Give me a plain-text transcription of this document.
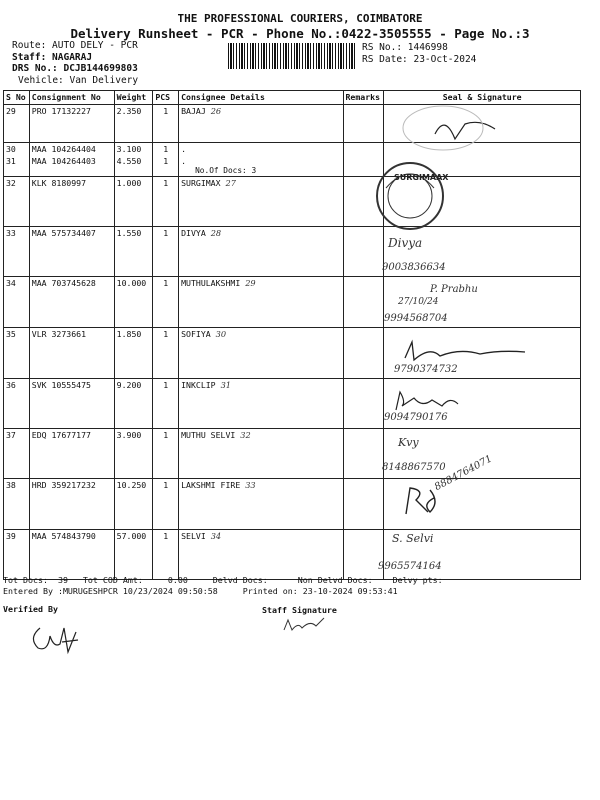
THE PROFESSIONAL COURIERS, COIMBATORE
Delivery Runsheet - PCR - Phone No.:0422-3505555 - Page No.:3
Route: AUTO DELY - PCR
Staff: NAGARAJ
DRS No.: DCJB144699803
Vehicle: Van Delivery
RS No.: 1446998
RS Date: 23-Oct-2024
S No	Consignment No	Weight	PCS	Consignee Details	Remarks	Seal & Signature
29	PRO 17132227	2.350	1	BAJAJ 26		
30	MAA 104264404	3.100	1	.		
31	MAA 104264403	4.550	1	.
No.Of Docs: 3		

32	KLK 8180997	1.000	1	SURGIMAX 27		
33	MAA 575734407	1.550	1	DIVYA 28		
34	MAA 703745628	10.000	1	MUTHULAKSHMI 29		
35	VLR 3273661	1.850	1	SOFIYA 30		
36	SVK 10555475	9.200	1	INKCLIP 31		
37	EDQ 17677177	3.900	1	MUTHU SELVI 32		
38	HRD 359217232	10.250	1	LAKSHMI FIRE 33		
39	MAA 574843790	57.000	1	SELVI 34		
SURGIMAAX
Divya
9003836634
27/10/24
P. Prabhu
9994568704
9790374732
9094790176
Kvy
8148867570
8884764071
S. Selvi
9965574164
Tot Docs:  39   Tot COD Amt:     0.00     Delvd Docs:      Non Delvd Docs:    Delvy pts:
Entered By :MURUGESHPCR 10/23/2024 09:50:58     Printed on: 23-10-2024 09:53:41
Verified By	Staff Signature
